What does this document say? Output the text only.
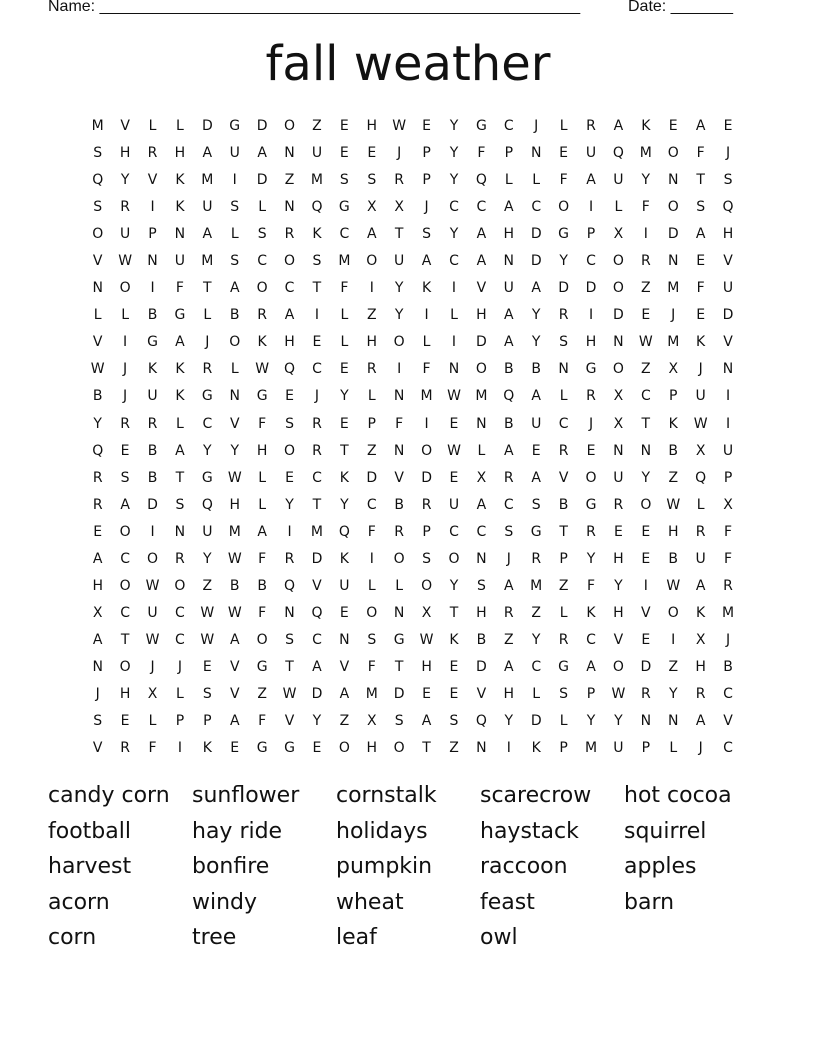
Name: ______________________________________________________	Date: _______
fall weather
M	V	L	L	D	G	D	O	Z	E	H	W	E	Y	G	C	J	L	R	A	K	E	A	E
S	H	R	H	A	U	A	N	U	E	E	J	P	Y	F	P	N	E	U	Q	M	O	F	J
Q	Y	V	K	M	I	D	Z	M	S	S	R	P	Y	Q	L	L	F	A	U	Y	N	T	S
S	R	I	K	U	S	L	N	Q	G	X	X	J	C	C	A	C	O	I	L	F	O	S	Q
O	U	P	N	A	L	S	R	K	C	A	T	S	Y	A	H	D	G	P	X	I	D	A	H
V	W	N	U	M	S	C	O	S	M	O	U	A	C	A	N	D	Y	C	O	R	N	E	V
N	O	I	F	T	A	O	C	T	F	I	Y	K	I	V	U	A	D	D	O	Z	M	F	U
L	L	B	G	L	B	R	A	I	L	Z	Y	I	L	H	A	Y	R	I	D	E	J	E	D
V	I	G	A	J	O	K	H	E	L	H	O	L	I	D	A	Y	S	H	N	W	M	K	V
W	J	K	K	R	L	W	Q	C	E	R	I	F	N	O	B	B	N	G	O	Z	X	J	N
B	J	U	K	G	N	G	E	J	Y	L	N	M	W	M	Q	A	L	R	X	C	P	U	I
Y	R	R	L	C	V	F	S	R	E	P	F	I	E	N	B	U	C	J	X	T	K	W	I
Q	E	B	A	Y	Y	H	O	R	T	Z	N	O	W	L	A	E	R	E	N	N	B	X	U
R	S	B	T	G	W	L	E	C	K	D	V	D	E	X	R	A	V	O	U	Y	Z	Q	P
R	A	D	S	Q	H	L	Y	T	Y	C	B	R	U	A	C	S	B	G	R	O	W	L	X
E	O	I	N	U	M	A	I	M	Q	F	R	P	C	C	S	G	T	R	E	E	H	R	F
A	C	O	R	Y	W	F	R	D	K	I	O	S	O	N	J	R	P	Y	H	E	B	U	F
H	O	W	O	Z	B	B	Q	V	U	L	L	O	Y	S	A	M	Z	F	Y	I	W	A	R
X	C	U	C	W W	F	N	Q	E	O	N	X	T	H	R	Z	L	K	H	V	O	K	M
A	T	W	C	W	A	O	S	C	N	S	G	W	K	B	Z	Y	R	C	V	E	I	X	J
N	O	J	J	E	V	G	T	A	V	F	T	H	E	D	A	C	G	A	O	D	Z	H	B
J	H	X	L	S	V	Z	W	D	A	M	D	E	E	V	H	L	S	P	W	R	Y	R	C
S	E	L	P	P	A	F	V	Y	Z	X	S	A	S	Q	Y	D	L	Y	Y	N	N	A	V
V	R	F	I	K	E	G	G	E	O	H	O	T	Z	N	I	K	P	M	U	P	L	J	C
candy corn	sunflower	cornstalk	scarecrow	hot cocoa
football	hay ride	holidays	haystack	squirrel
harvest	bonfire	pumpkin	raccoon	apples
acorn	windy	wheat	feast	barn
corn	tree	leaf	owl
